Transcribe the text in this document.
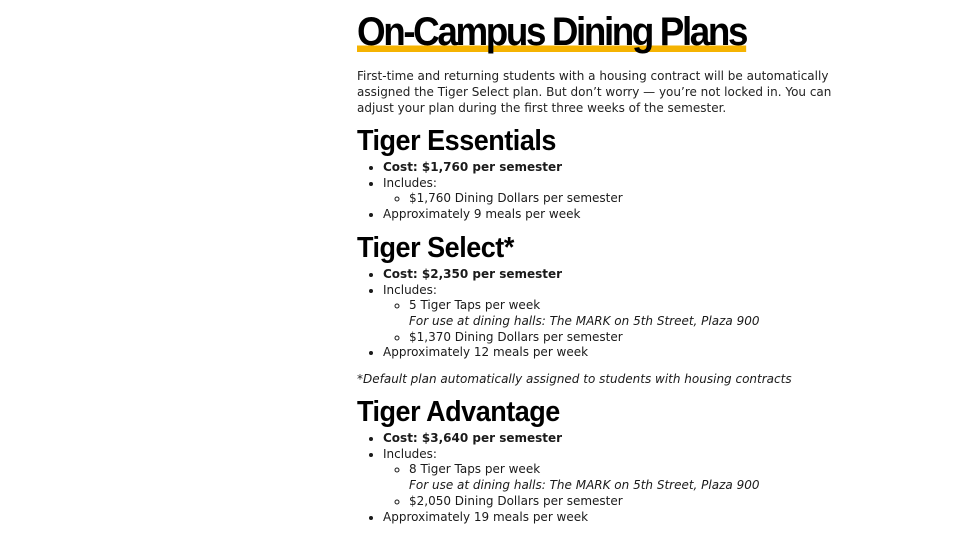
On-Campus Dining Plans

First-time and returning students with a housing contract will be automatically assigned the Tiger Select plan. But don’t worry — you’re not locked in. You can adjust your plan during the first three weeks of the semester.

Tiger Essentials
• Cost: $1,760 per semester
• Includes:
◦ $1,760 Dining Dollars per semester
• Approximately 9 meals per week
Tiger Select*
• Cost: $2,350 per semester
• Includes:
◦ 5 Tiger Taps per week
For use at dining halls: The MARK on 5th Street, Plaza 900
◦ $1,370 Dining Dollars per semester
• Approximately 12 meals per week

*Default plan automatically assigned to students with housing contracts

Tiger Advantage
• Cost: $3,640 per semester
• Includes:
◦ 8 Tiger Taps per week
For use at dining halls: The MARK on 5th Street, Plaza 900
◦ $2,050 Dining Dollars per semester
• Approximately 19 meals per week
